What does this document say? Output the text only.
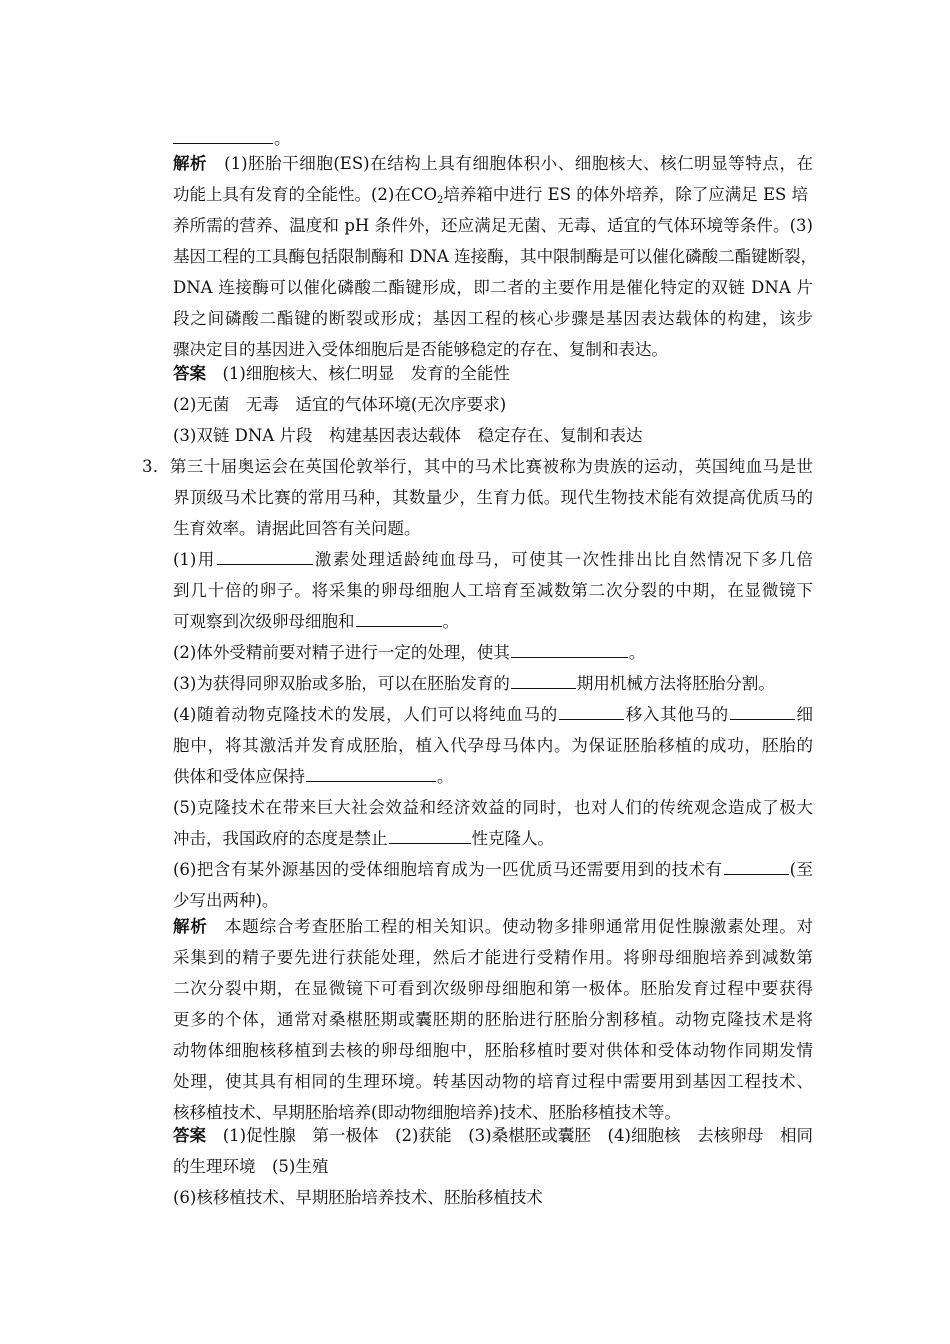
。
解析　 (1)胚胎干细胞(ES)在结构上具有细胞体积小、细胞核大、核仁明显等特点，在
功能上具有发育的全能性。(2)在$CO_2$培养箱中进行 ES 的体外培养，除了应满足 ES 培
养所需的营养、温度和 pH 条件外，还应满足无菌、无毒、适宜的气体环境等条件。(3)
基因工程的工具酶包括限制酶和 DNA 连接酶，其中限制酶是可以催化磷酸二酯键断裂，
DNA 连接酶可以催化磷酸二酯键形成，即二者的主要作用是催化特定的双链 DNA 片
段之间磷酸二酯键的断裂或形成；基因工程的核心步骤是基因表达载体的构建，该步
骤决定目的基因进入受体细胞后是否能够稳定的存在、复制和表达。
答案　 (1)细胞核大、核仁明显　发育的全能性
(2)无菌　无毒　适宜的气体环境(无次序要求)
(3)双链 DNA 片段　构建基因表达载体　稳定存在、复制和表达
3．第三十届奥运会在英国伦敦举行，其中的马术比赛被称为贵族的运动，英国纯血马是世
界顶级马术比赛的常用马种，其数量少，生育力低。现代生物技术能有效提高优质马的
生育效率。请据此回答有关问题。
(1)用	激素处理适龄纯血母马，可使其一次性排出比自然情况下多几倍
到几十倍的卵子。将采集的卵母细胞人工培育至减数第二次分裂的中期，在显微镜下
可观察到次级卵母细胞和	。
(2)体外受精前要对精子进行一定的处理，使其	。
(3)为获得同卵双胎或多胎，可以在胚胎发育的	期用机械方法将胚胎分割。
(4)随着动物克隆技术的发展，人们可以将纯血马的	移入其他马的	细
胞中，将其激活并发育成胚胎，植入代孕母马体内。为保证胚胎移植的成功，胚胎的
供体和受体应保持	。
(5)克隆技术在带来巨大社会效益和经济效益的同时，也对人们的传统观念造成了极大
冲击，我国政府的态度是禁止	性克隆人。
(6)把含有某外源基因的受体细胞培育成为一匹优质马还需要用到的技术有	(至
少写出两种)。
解析　 本题综合考查胚胎工程的相关知识。使动物多排卵通常用促性腺激素处理。对
采集到的精子要先进行获能处理，然后才能进行受精作用。将卵母细胞培养到减数第
二次分裂中期，在显微镜下可看到次级卵母细胞和第一极体。胚胎发育过程中要获得
更多的个体，通常对桑椹胚期或囊胚期的胚胎进行胚胎分割移植。动物克隆技术是将
动物体细胞核移植到去核的卵母细胞中，胚胎移植时要对供体和受体动物作同期发情
处理，使其具有相同的生理环境。转基因动物的培育过程中需要用到基因工程技术、
核移植技术、早期胚胎培养(即动物细胞培养)技术、胚胎移植技术等。
答案　 (1)促性腺　第一极体　(2)获能　(3)桑椹胚或囊胚　(4)细胞核　去核卵母　相同
的生理环境　(5)生殖
(6)核移植技术、早期胚胎培养技术、胚胎移植技术
